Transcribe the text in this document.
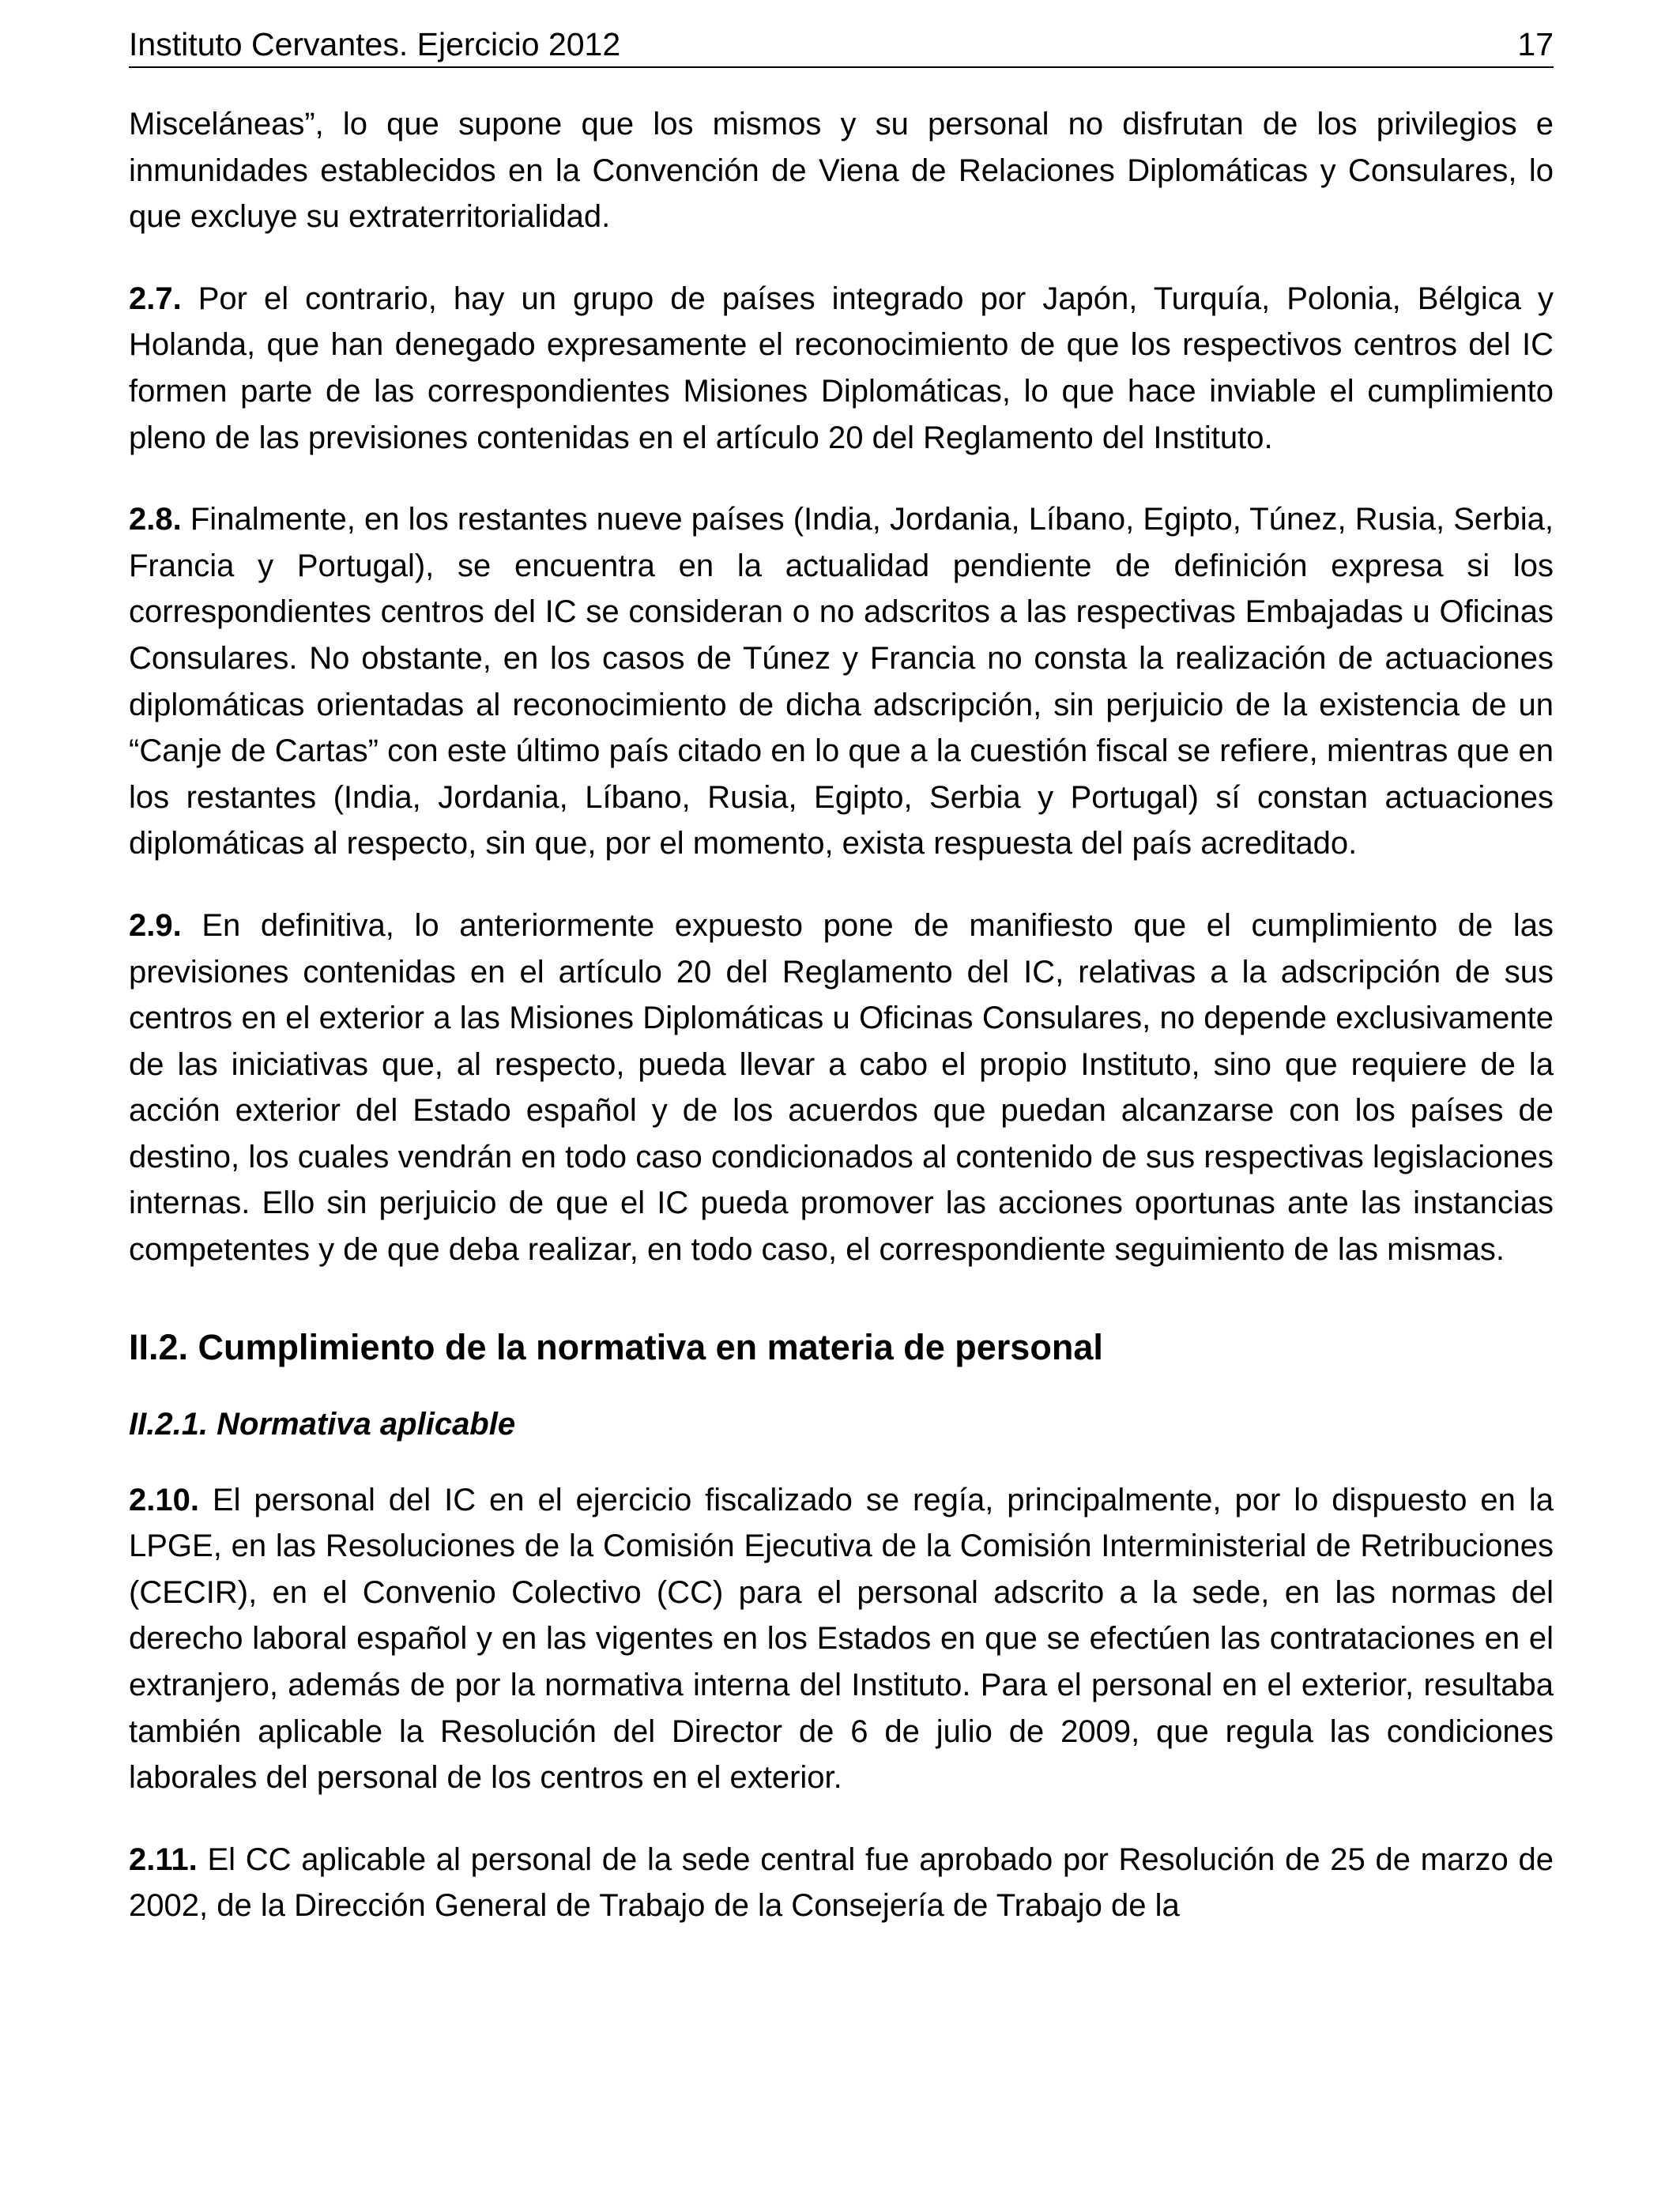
Instituto Cervantes. Ejercicio 2012	17

Misceláneas”, lo que supone que los mismos y su personal no disfrutan de los privilegios e inmunidades establecidos en la Convención de Viena de Relaciones Diplomáticas y Consulares, lo que excluye su extraterritorialidad.

2.7. Por el contrario, hay un grupo de países integrado por Japón, Turquía, Polonia, Bélgica y Holanda, que han denegado expresamente el reconocimiento de que los respectivos centros del IC formen parte de las correspondientes Misiones Diplomáticas, lo que hace inviable el cumplimiento pleno de las previsiones contenidas en el artículo 20 del Reglamento del Instituto.

2.8. Finalmente, en los restantes nueve países (India, Jordania, Líbano, Egipto, Túnez, Rusia, Serbia, Francia y Portugal), se encuentra en la actualidad pendiente de definición expresa si los correspondientes centros del IC se consideran o no adscritos a las respectivas Embajadas u Oficinas Consulares. No obstante, en los casos de Túnez y Francia no consta la realización de actuaciones diplomáticas orientadas al reconocimiento de dicha adscripción, sin perjuicio de la existencia de un “Canje de Cartas” con este último país citado en lo que a la cuestión fiscal se refiere, mientras que en los restantes (India, Jordania, Líbano, Rusia, Egipto, Serbia y Portugal) sí constan actuaciones diplomáticas al respecto, sin que, por el momento, exista respuesta del país acreditado.

2.9. En definitiva, lo anteriormente expuesto pone de manifiesto que el cumplimiento de las previsiones contenidas en el artículo 20 del Reglamento del IC, relativas a la adscripción de sus centros en el exterior a las Misiones Diplomáticas u Oficinas Consulares, no depende exclusivamente de las iniciativas que, al respecto, pueda llevar a cabo el propio Instituto, sino que requiere de la acción exterior del Estado español y de los acuerdos que puedan alcanzarse con los países de destino, los cuales vendrán en todo caso condicionados al contenido de sus respectivas legislaciones internas. Ello sin perjuicio de que el IC pueda promover las acciones oportunas ante las instancias competentes y de que deba realizar, en todo caso, el correspondiente seguimiento de las mismas.

II.2. Cumplimiento de la normativa en materia de personal
II.2.1. Normativa aplicable

2.10. El personal del IC en el ejercicio fiscalizado se regía, principalmente, por lo dispuesto en la LPGE, en las Resoluciones de la Comisión Ejecutiva de la Comisión Interministerial de Retribuciones (CECIR), en el Convenio Colectivo (CC) para el personal adscrito a la sede, en las normas del derecho laboral español y en las vigentes en los Estados en que se efectúen las contrataciones en el extranjero, además de por la normativa interna del Instituto. Para el personal en el exterior, resultaba también aplicable la Resolución del Director de 6 de julio de 2009, que regula las condiciones laborales del personal de los centros en el exterior.

2.11. El CC aplicable al personal de la sede central fue aprobado por Resolución de 25 de marzo de 2002, de la Dirección General de Trabajo de la Consejería de Trabajo de la
